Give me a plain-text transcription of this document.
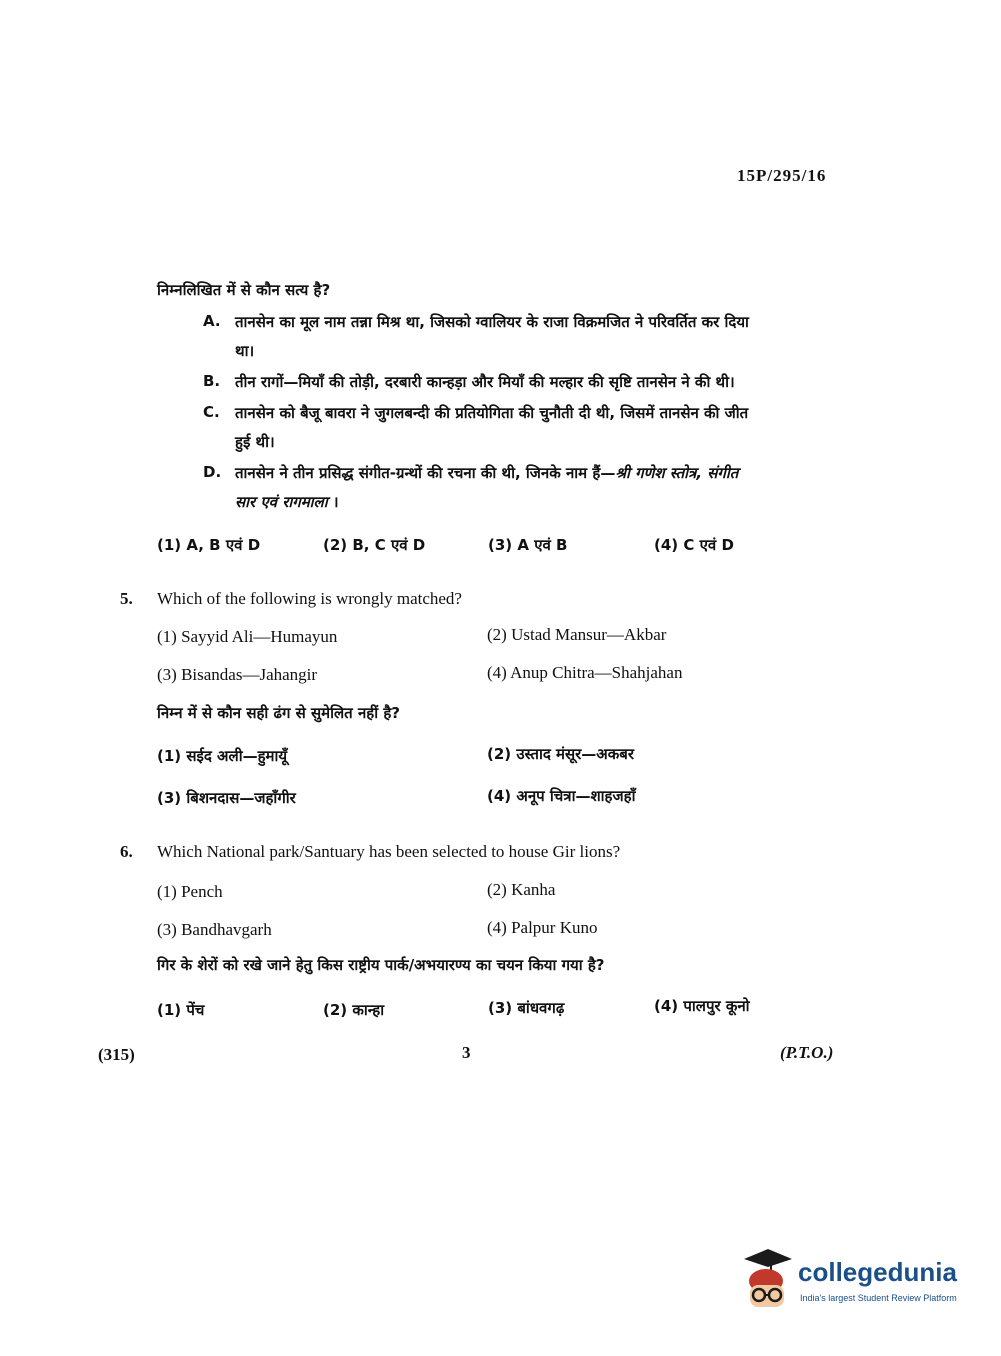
15P/295/16
निम्नलिखित में से कौन सत्य है?
A. तानसेन का मूल नाम तन्ना मिश्र था, जिसको ग्वालियर के राजा विक्रमजित ने परिवर्तित कर दिया
था।
B. तीन रागों—मियाँ की तोड़ी, दरबारी कान्हड़ा और मियाँ की मल्हार की सृष्टि तानसेन ने की थी।
C. तानसेन को बैजू बावरा ने जुगलबन्दी की प्रतियोगिता की चुनौती दी थी, जिसमें तानसेन की जीत
हुई थी।
D. तानसेन ने तीन प्रसिद्ध संगीत-ग्रन्थों की रचना की थी, जिनके नाम हैं—श्री गणेश स्तोत्र, संगीत
सार एवं रागमाला ।
(1) A, B एवं D	(2) B, C एवं D	(3) A एवं B	(4) C एवं D
5. Which of the following is wrongly matched?
(1) Sayyid Ali—Humayun	(2) Ustad Mansur—Akbar
(3) Bisandas—Jahangir	(4) Anup Chitra—Shahjahan
निम्न में से कौन सही ढंग से सुमेलित नहीं है?
(1) सईद अली—हुमायूँ	(2) उस्ताद मंसूर—अकबर
(3) बिशनदास—जहाँगीर	(4) अनूप चित्रा—शाहजहाँ
6. Which National park/Santuary has been selected to house Gir lions?
(1) Pench	(2) Kanha
(3) Bandhavgarh	(4) Palpur Kuno
गिर के शेरों को रखे जाने हेतु किस राष्ट्रीय पार्क/अभयारण्य का चयन किया गया है?
(1) पेंच	(2) कान्हा	(3) बांधवगढ़	(4) पालपुर कूनो
(315)	3	(P.T.O.)
collegedunia
India's largest Student Review Platform
